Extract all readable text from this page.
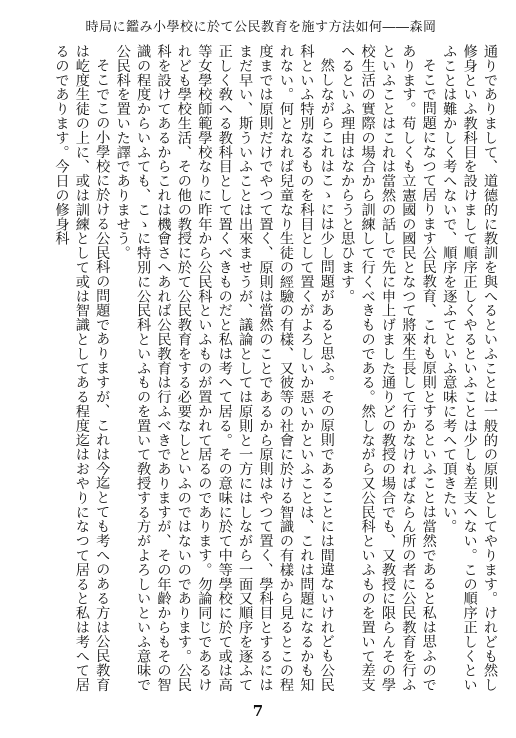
時局に鑑み小學校に於て公民教育を施す方法如何――森岡

通りでありまして、道德的に教訓を與へるといふことは一般的の原則としてやります。けれども然し修身といふ教科目を設けまして順序正しくやるといふことは少しも差支へない。この順序正しくといふことは難かしく考へないで、順序を逐ふてといふ意味に考へて頂きたい。

そこで問題になつて居ります公民教育、これも原則とするといふことは當然であると私は思ふのであります。苟しくも立憲國の國民となつて將來生長して行かなければならん所の者に公民教育を行ふといふことはこれは當然の話しで先に申上げました通りどの教授の場合でも、又教授に限らんその學校生活の實際の場合から訓練して行くべきものである。然しながら又公民科といふものを置いて差支へるといふ理由はなからうと思ひます。

然しながらこれはこゝには少し問題があると思ふ。その原則であることには間違ないけれども公民科といふ特別なるものを科目として置くがよろしいか惡いかといふことは、これは問題になるかも知れない。何となれば兒童なり生徒の經驗の有樣、又彼等の社會に於ける智識の有樣から見るとこの程度までは原則だけでやつて置く、原則は當然のことであるから原則はやつて置く、學科目とするにはまだ早い、斯ういふことは出來ませうが、議論としては原則と一方にはしながら一面又順序を逐ふて正しく敎へる教科目として置くべきものだと私は考へて居る。その意味に於て中等學校に於て或は高等女學校師範學校なりに昨年から公民科といふものが置かれて居るのであります。勿論同じであるけれども學校生活、その他の教授に於て公民教育をする必要なしといふのではないのであります。公民科を設けてあるからこれは機會さへあれば公民教育は行ふべきでありますが、その年齡からもその智識の程度からいふても、こゝに特別に公民科といふものを置いて敎授する方がよろしいといふ意味で公民科を置いた譯でありませう。

そこでこの小學校に於ける公民科の問題でありますが、これは今迄とても考へのある方は公民教育は屹度生徒の上に、或は訓練として或は智識としてある程度迄はおやりになつて居ると私は考へて居るのであります。今日の修身科

7
